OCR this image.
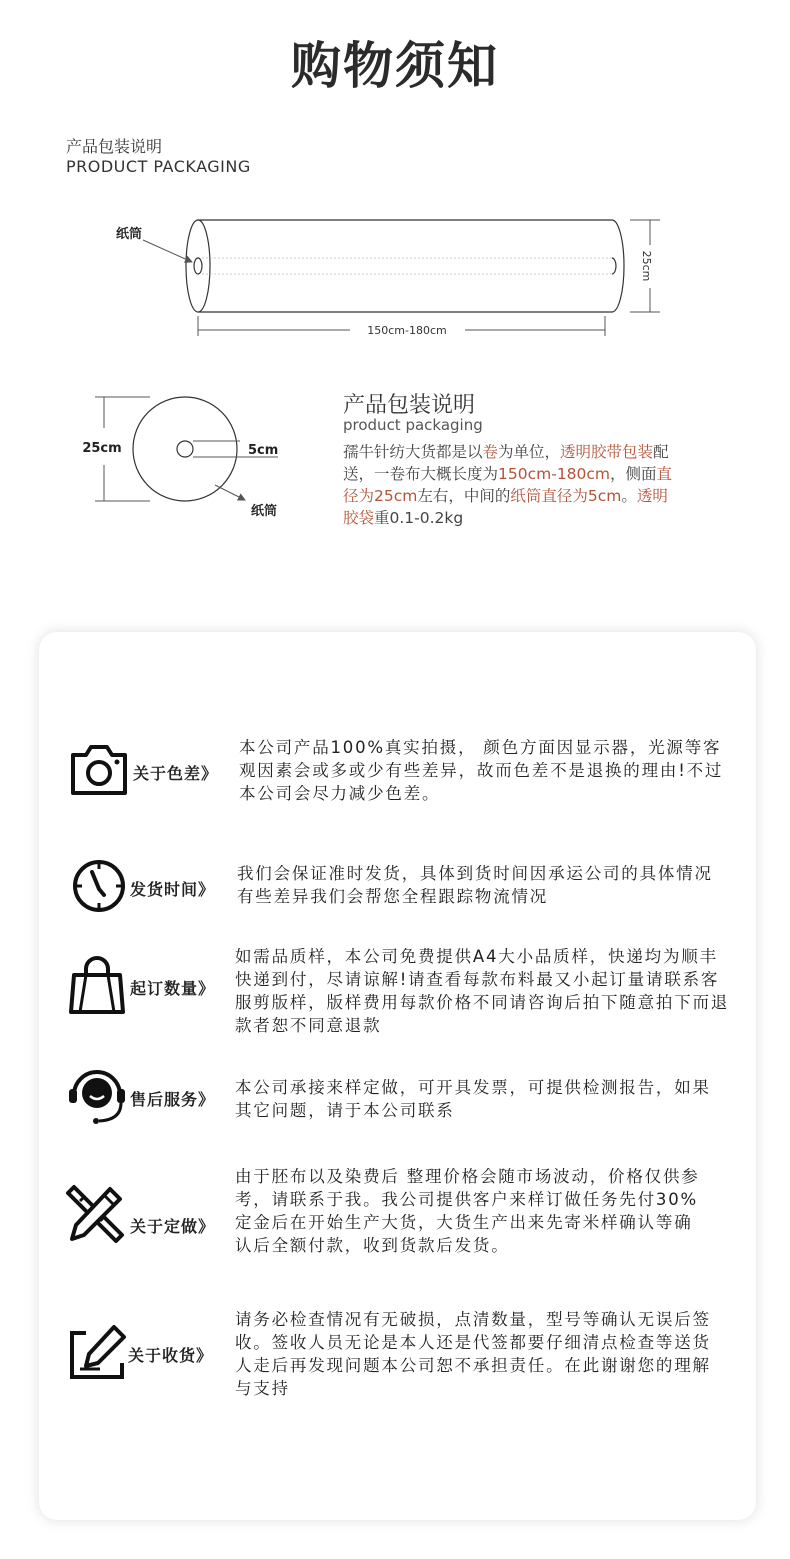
购物须知
产品包装说明
PRODUCT PACKAGING
纸筒
150cm-180cm
25cm
25cm	5cm
纸筒
产品包装说明
product packaging
孺牛针纺大货都是以卷为单位，透明胶带包装配送，一卷布大概长度为150cm-180cm，侧面直径为25cm左右，中间的纸筒直径为5cm。透明胶袋重0.1-0.2kg
关于色差》
本公司产品100%真实拍摄， 颜色方面因显示器，光源等客观因素会或多或少有些差异，故而色差不是退换的理由!不过本公司会尽力减少色差。
发货时间》
我们会保证准时发货，具体到货时间因承运公司的具体情况有些差异我们会帮您全程跟踪物流情况
起订数量》
如需品质样，本公司免费提供A4大小品质样，快递均为顺丰快递到付，尽请谅解!请查看每款布料最又小起订量请联系客服剪版样，版样费用每款价格不同请咨询后拍下随意拍下而退款者恕不同意退款
售后服务》
本公司承接来样定做，可开具发票，可提供检测报告，如果其它问题，请于本公司联系
关于定做》
由于胚布以及染费后 整理价格会随市场波动，价格仅供参考，请联系于我。我公司提供客户来样订做任务先付30%定金后在开始生产大货，大货生产出来先寄米样确认等确认后全额付款，收到货款后发货。
关于收货》
请务必检查情况有无破损，点清数量，型号等确认无误后签收。签收人员无论是本人还是代签都要仔细清点检查等送货人走后再发现问题本公司恕不承担责任。在此谢谢您的理解与支持
